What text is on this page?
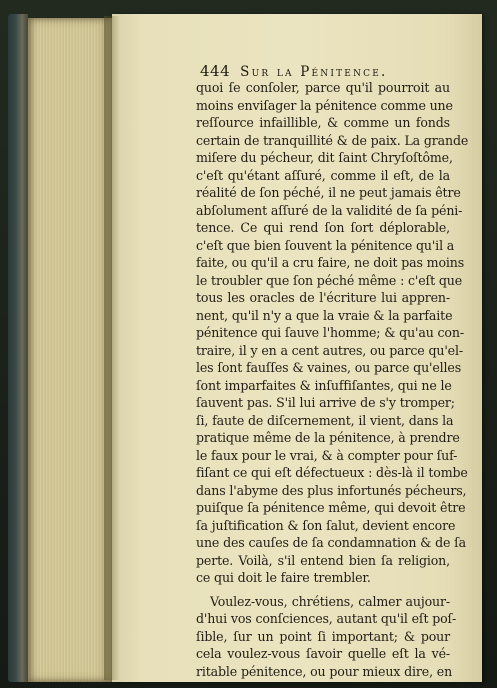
444 Sur la Pénitence.
quoi ſe conſoler, parce qu'il pourroit au
moins enviſager la pénitence comme une
reſſource infaillible, & comme un fonds
certain de tranquillité & de paix. La grande
miſere du pécheur, dit ſaint Chryſoſtôme,
c'eſt qu'étant aſſuré, comme il eſt, de la
réalité de ſon péché, il ne peut jamais être
abſolument aſſuré de la validité de ſa péni-
tence. Ce qui rend ſon ſort déplorable,
c'eſt que bien ſouvent la pénitence qu'il a
faite, ou qu'il a cru faire, ne doit pas moins
le troubler que ſon péché même : c'eſt que
tous les oracles de l'écriture lui appren-
nent, qu'il n'y a que la vraie & la parfaite
pénitence qui ſauve l'homme; & qu'au con-
traire, il y en a cent autres, ou parce qu'el-
les ſont fauſſes & vaines, ou parce qu'elles
ſont imparfaites & inſuffiſantes, qui ne le
ſauvent pas. S'il lui arrive de s'y tromper;
ſi, faute de diſcernement, il vient, dans la
pratique même de la pénitence, à prendre
le faux pour le vrai, & à compter pour ſuf-
fiſant ce qui eſt défectueux : dès-là il tombe
dans l'abyme des plus infortunés pécheurs,
puiſque ſa pénitence même, qui devoit être
ſa juſtification & ſon ſalut, devient encore
une des cauſes de ſa condamnation & de ſa
perte. Voilà, s'il entend bien ſa religion,
ce qui doit le faire trembler.
Voulez-vous, chrétiens, calmer aujour-
d'hui vos conſciences, autant qu'il eſt poſ-
ſible, ſur un point ſi important; & pour
cela voulez-vous ſavoir quelle eſt la vé-
ritable pénitence, ou pour mieux dire, en
